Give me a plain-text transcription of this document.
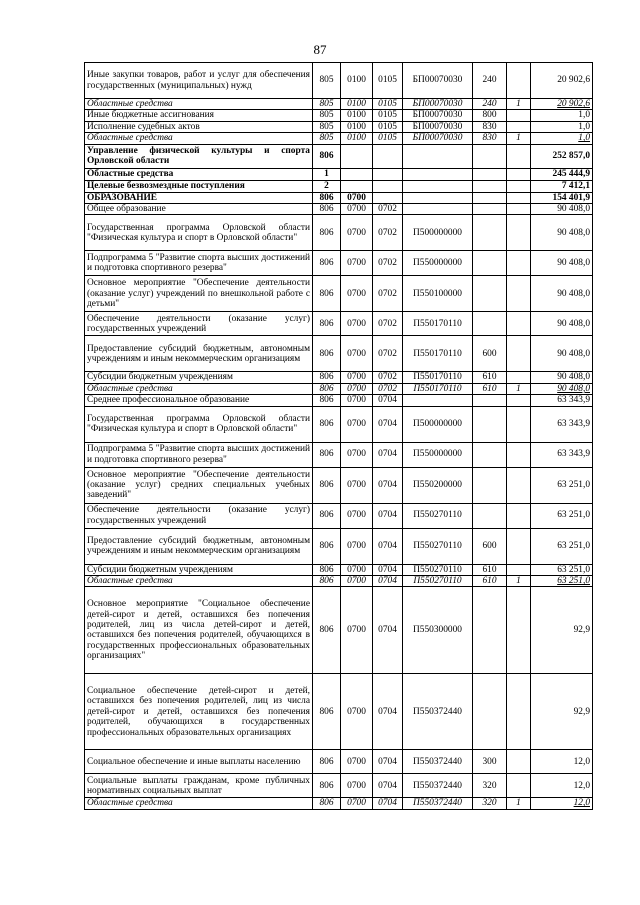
87
Иные закупки товаров, работ и услуг для обеспечения государственных (муниципальных) нужд	805	0100	0105	БП00070030	240		20 902,6
Областные средства	805	0100	0105	БП00070030	240	1	20 902,6
Иные бюджетные ассигнования	805	0100	0105	БП00070030	800		1,0
Исполнение судебных актов	805	0100	0105	БП00070030	830		1,0
Областные средства	805	0100	0105	БП00070030	830	1	1,0
Управление физической культуры и спорта Орловской области	806						252 857,0
Областные средства	1						245 444,9
Целевые безвозмездные поступления	2						7 412,1
ОБРАЗОВАНИЕ	806	0700					154 401,9
Общее образование	806	0700	0702				90 408,0
Государственная программа Орловской области "Физическая культура и спорт в Орловской области"	806	0700	0702	П500000000			90 408,0
Подпрограмма 5 "Развитие спорта высших достижений и подготовка спортивного резерва"	806	0700	0702	П550000000			90 408,0
Основное мероприятие "Обеспечение деятельности (оказание услуг) учреждений по внешкольной работе с детьми"	806	0700	0702	П550100000			90 408,0
Обеспечение деятельности (оказание услуг) государственных учреждений	806	0700	0702	П550170110			90 408,0
Предоставление субсидий бюджетным, автономным учреждениям и иным некоммерческим организациям	806	0700	0702	П550170110	600		90 408,0
Субсидии бюджетным учреждениям	806	0700	0702	П550170110	610		90 408,0
Областные средства	806	0700	0702	П550170110	610	1	90 408,0
Среднее профессиональное образование	806	0700	0704				63 343,9
Государственная программа Орловской области "Физическая культура и спорт в Орловской области"	806	0700	0704	П500000000			63 343,9
Подпрограмма 5 "Развитие спорта высших достижений и подготовка спортивного резерва"	806	0700	0704	П550000000			63 343,9
Основное мероприятие "Обеспечение деятельности (оказание услуг) средних специальных учебных заведений"	806	0700	0704	П550200000			63 251,0
Обеспечение деятельности (оказание услуг) государственных учреждений	806	0700	0704	П550270110			63 251,0
Предоставление субсидий бюджетным, автономным учреждениям и иным некоммерческим организациям	806	0700	0704	П550270110	600		63 251,0
Субсидии бюджетным учреждениям	806	0700	0704	П550270110	610		63 251,0
Областные средства	806	0700	0704	П550270110	610	1	63 251,0
Основное мероприятие "Социальное обеспечение детей-сирот и детей, оставшихся без попечения родителей, лиц из числа детей-сирот и детей, оставшихся без попечения родителей, обучающихся в государственных профессиональных образовательных организациях"	806	0700	0704	П550300000			92,9
Социальное обеспечение детей-сирот и детей, оставшихся без попечения родителей, лиц из числа детей-сирот и детей, оставшихся без попечения родителей, обучающихся в государственных профессиональных образовательных организациях	806	0700	0704	П550372440			92,9
Социальное обеспечение и иные выплаты населению	806	0700	0704	П550372440	300		12,0
Социальные выплаты гражданам, кроме публичных нормативных социальных выплат	806	0700	0704	П550372440	320		12,0
Областные средства	806	0700	0704	П550372440	320	1	12,0
